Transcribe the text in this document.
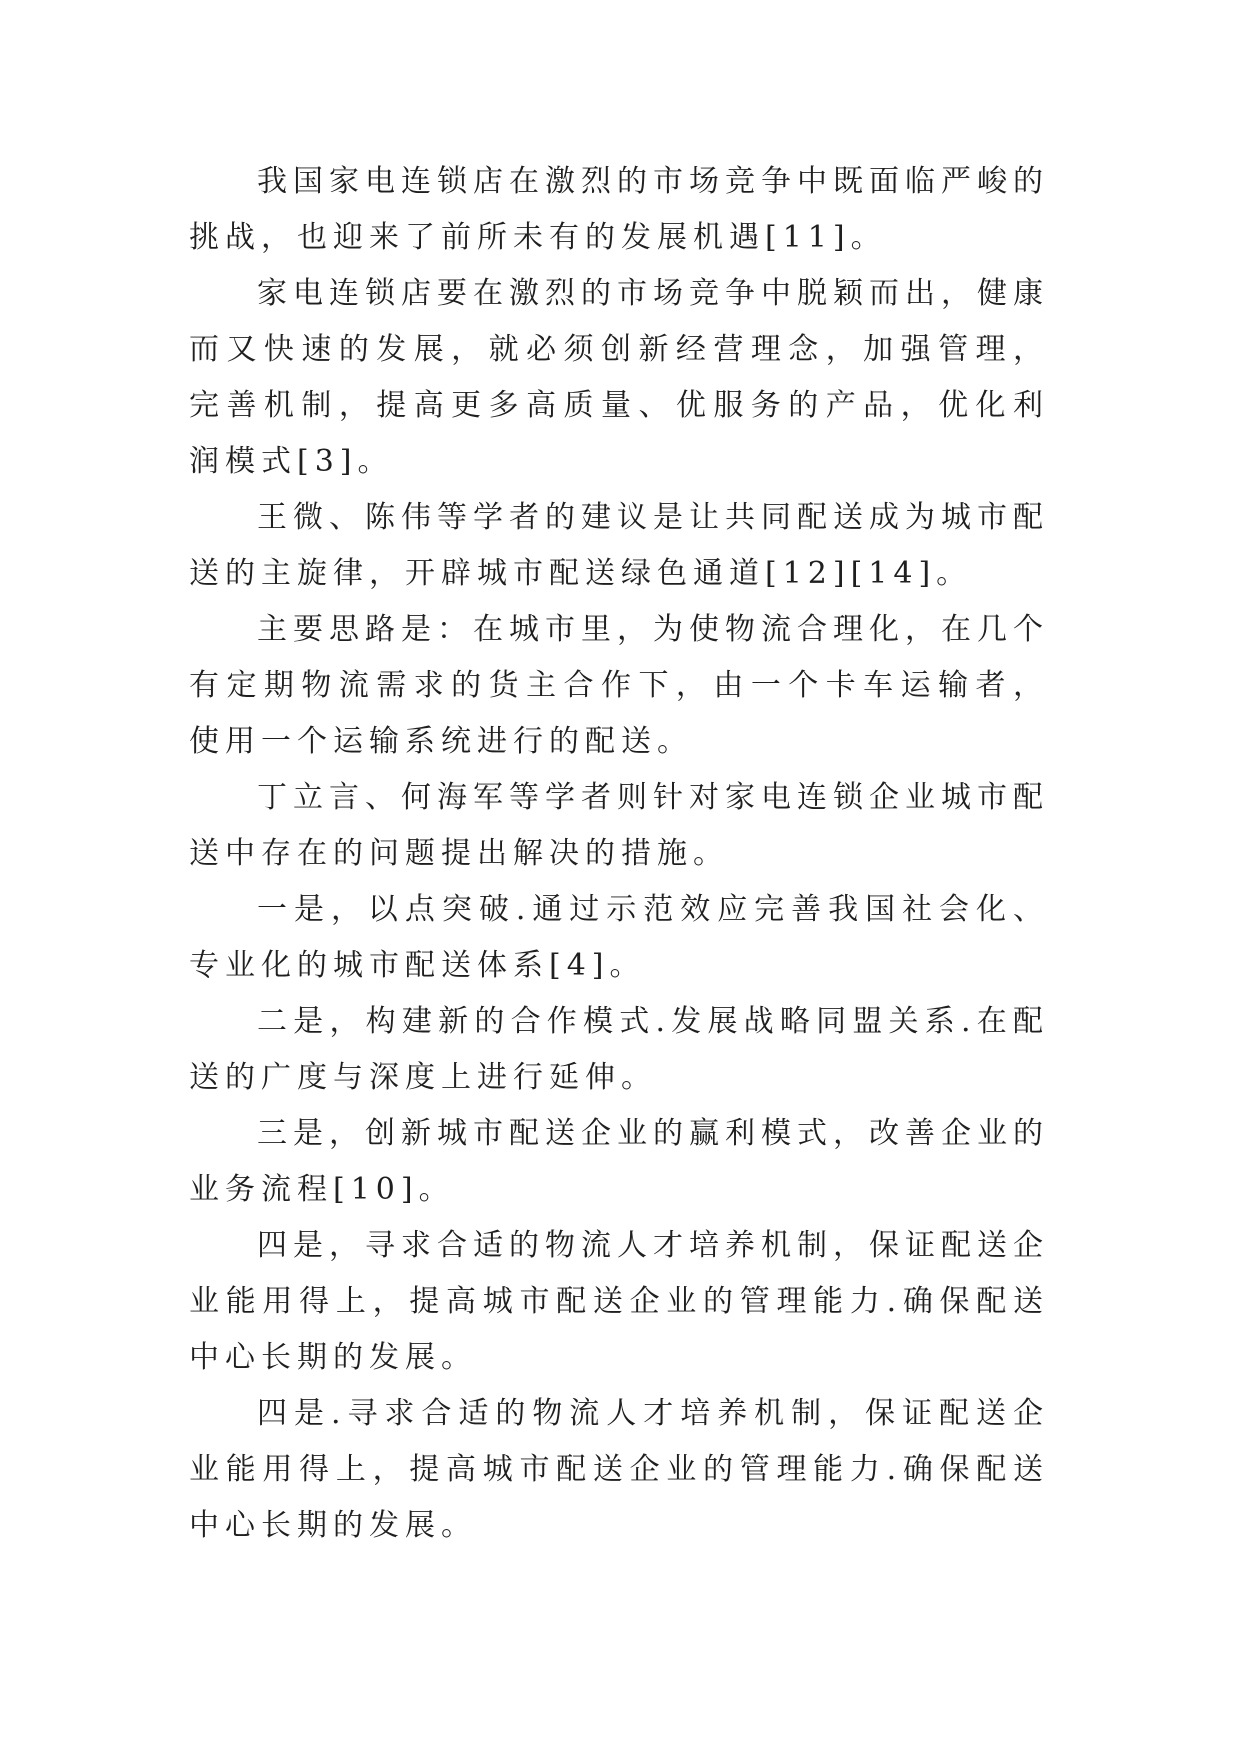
我国家电连锁店在激烈的市场竞争中既面临严峻的挑战，也迎来了前所未有的发展机遇[11]。

家电连锁店要在激烈的市场竞争中脱颖而出，健康而又快速的发展，就必须创新经营理念，加强管理，完善机制，提高更多高质量、优服务的产品，优化利润模式[3]。

王微、陈伟等学者的建议是让共同配送成为城市配送的主旋律，开辟城市配送绿色通道[12][14]。

主要思路是：在城市里，为使物流合理化，在几个有定期物流需求的货主合作下，由一个卡车运输者，使用一个运输系统进行的配送。

丁立言、何海军等学者则针对家电连锁企业城市配送中存在的问题提出解决的措施。

一是，以点突破.通过示范效应完善我国社会化、专业化的城市配送体系[4]。

二是，构建新的合作模式.发展战略同盟关系.在配送的广度与深度上进行延伸。

三是，创新城市配送企业的赢利模式，改善企业的业务流程[10]。

四是，寻求合适的物流人才培养机制，保证配送企业能用得上，提高城市配送企业的管理能力.确保配送中心长期的发展。

四是.寻求合适的物流人才培养机制，保证配送企业能用得上，提高城市配送企业的管理能力.确保配送中心长期的发展。
